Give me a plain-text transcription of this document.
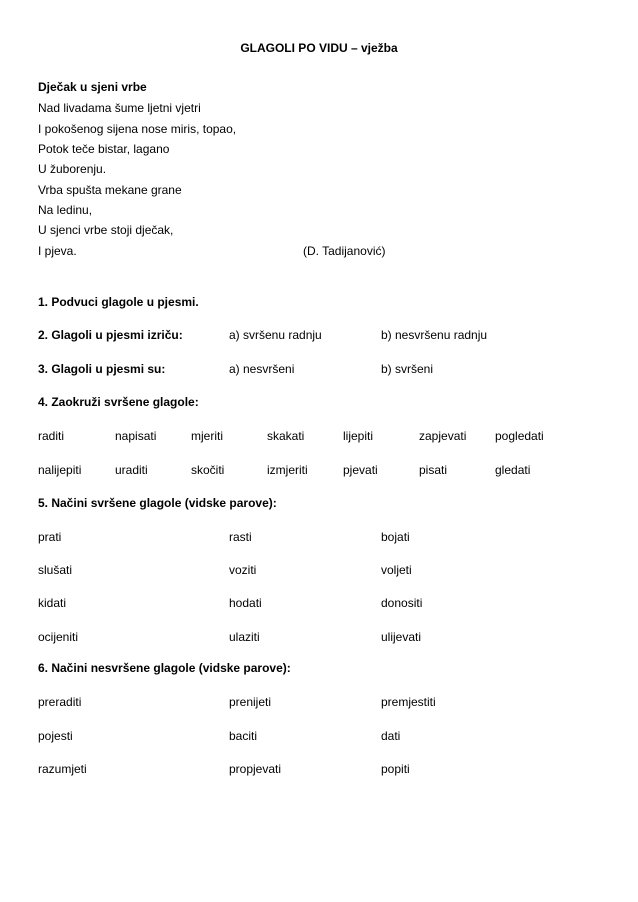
GLAGOLI PO VIDU – vježba
Dječak u sjeni vrbe
Nad livadama šume ljetni vjetri
I pokošenog sijena nose miris, topao,
Potok teče bistar, lagano
U žuborenju.
Vrba spušta mekane grane
Na ledinu,
U sjenci vrbe stoji dječak,
I pjeva.	(D. Tadijanović)
1. Podvuci glagole u pjesmi.
2. Glagoli u pjesmi izriču:	a) svršenu radnju	b) nesvršenu radnju
3. Glagoli u pjesmi su:	a) nesvršeni	b) svršeni
4. Zaokruži svršene glagole:
raditi	napisati	mjeriti	skakati	lijepiti	zapjevati pogledati
nalijepiti	uraditi	skočiti	izmjeriti	pjevati	pisati	gledati
5. Načini svršene glagole (vidske parove):
prati	rasti	bojati
slušati	voziti	voljeti
kidati	hodati	donositi
ocijeniti	ulaziti	ulijevati
6. Načini nesvršene glagole (vidske parove):
preraditi	prenijeti	premjestiti
pojesti	baciti	dati
razumjeti	propjevati	popiti
